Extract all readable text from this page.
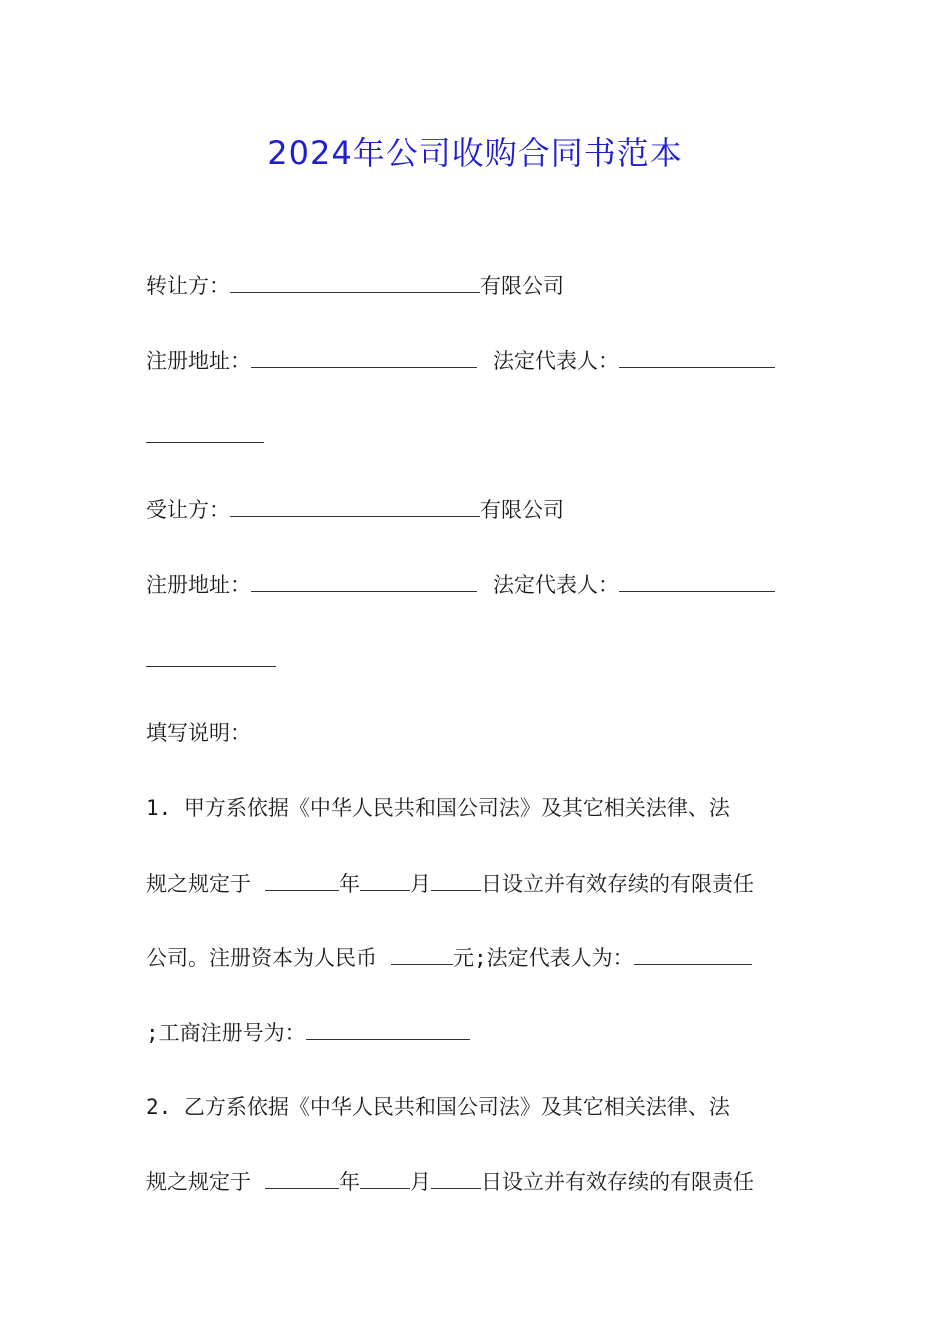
2024年公司收购合同书范本
转让方：	有限公司
注册地址：	法定代表人：
受让方：	有限公司
注册地址：	法定代表人：
填写说明：
1. 甲方系依据《中华人民共和国公司法》及其它相关法律、法
规之规定于	年 月 日设立并有效存续的有限责任
公司。注册资本为人民币	元;法定代表人为：
;工商注册号为：
2. 乙方系依据《中华人民共和国公司法》及其它相关法律、法
规之规定于	年 月 日设立并有效存续的有限责任
